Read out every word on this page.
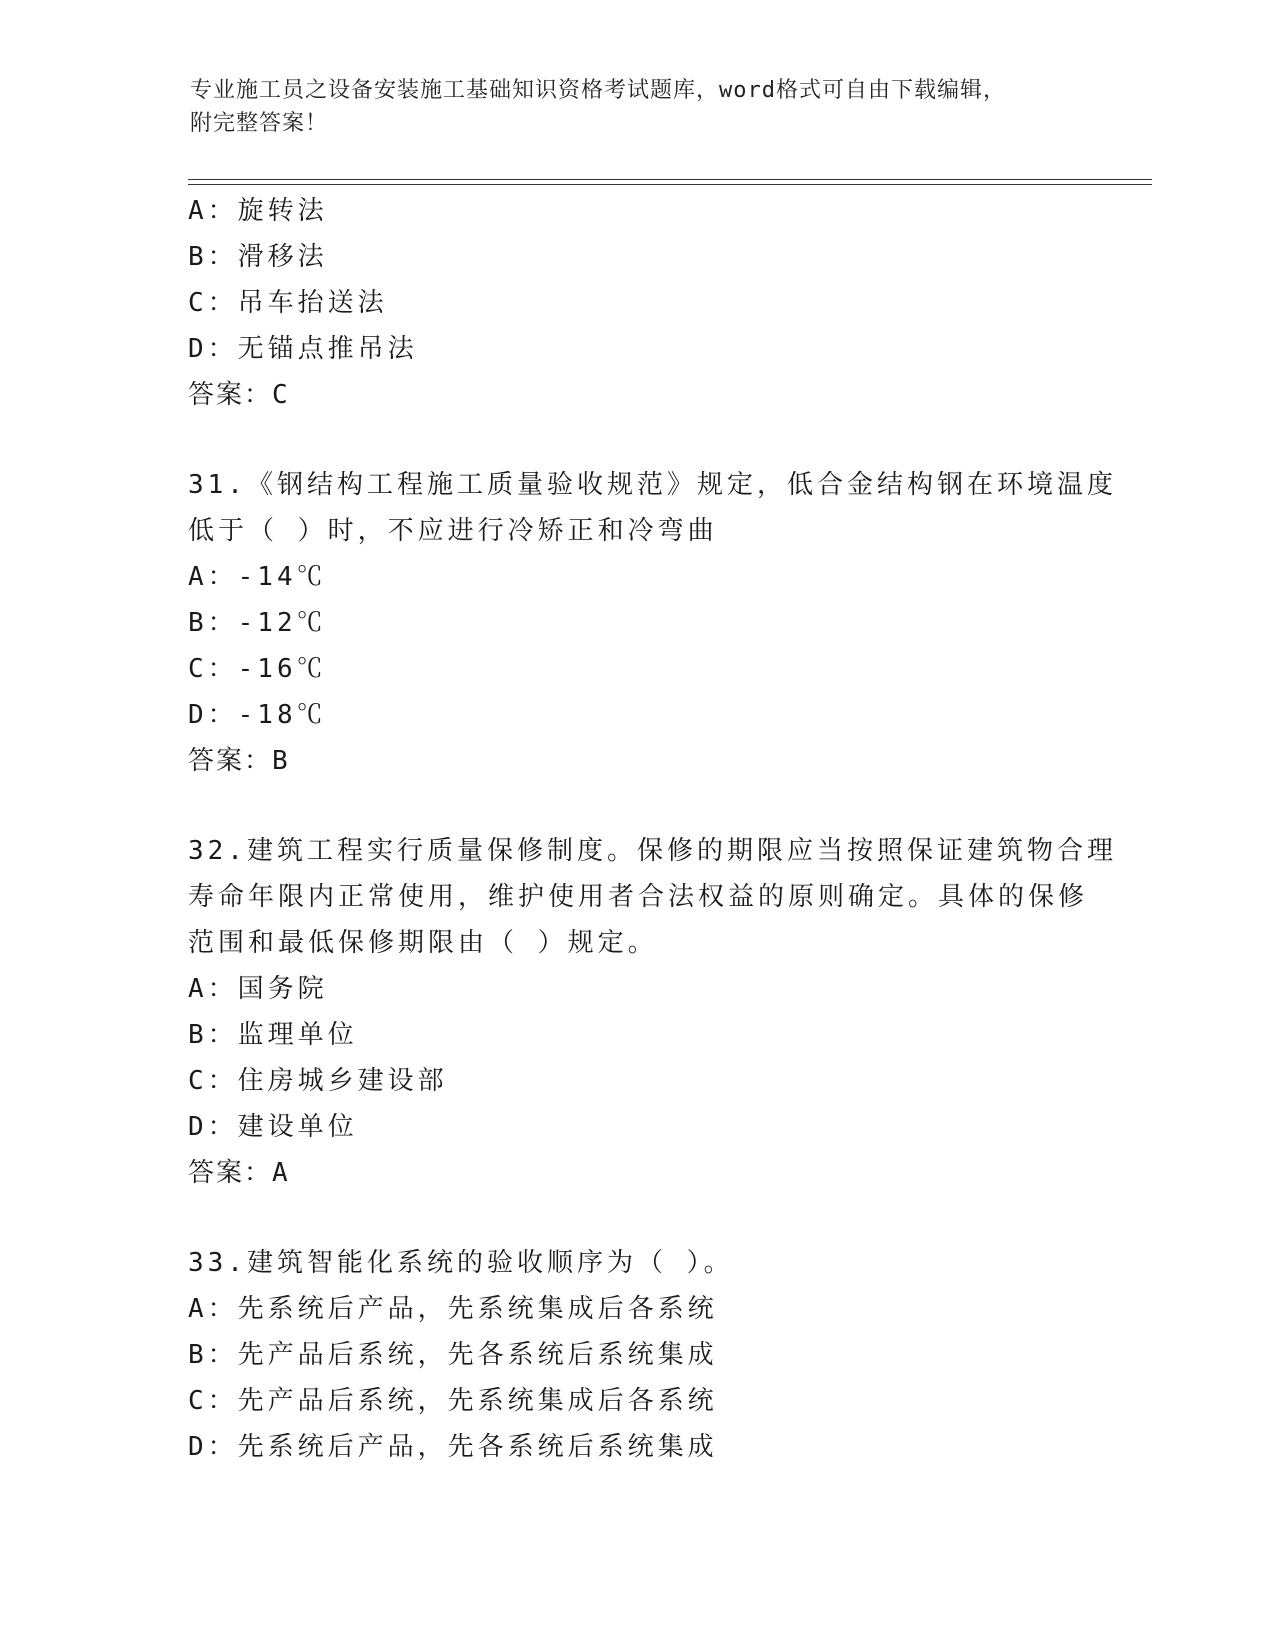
专业施工员之设备安装施工基础知识资格考试题库，word格式可自由下载编辑，
附完整答案！
A：旋转法
B：滑移法
C：吊车抬送法
D：无锚点推吊法
答案：C
31.《钢结构工程施工质量验收规范》规定，低合金结构钢在环境温度
低于（ ）时，不应进行冷矫正和冷弯曲
A：-14℃
B：-12℃
C：-16℃
D：-18℃
答案：B
32.建筑工程实行质量保修制度。保修的期限应当按照保证建筑物合理
寿命年限内正常使用，维护使用者合法权益的原则确定。具体的保修
范围和最低保修期限由（ ）规定。
A：国务院
B：监理单位
C：住房城乡建设部
D：建设单位
答案：A
33.建筑智能化系统的验收顺序为（ ）。
A：先系统后产品，先系统集成后各系统
B：先产品后系统，先各系统后系统集成
C：先产品后系统，先系统集成后各系统
D：先系统后产品，先各系统后系统集成
